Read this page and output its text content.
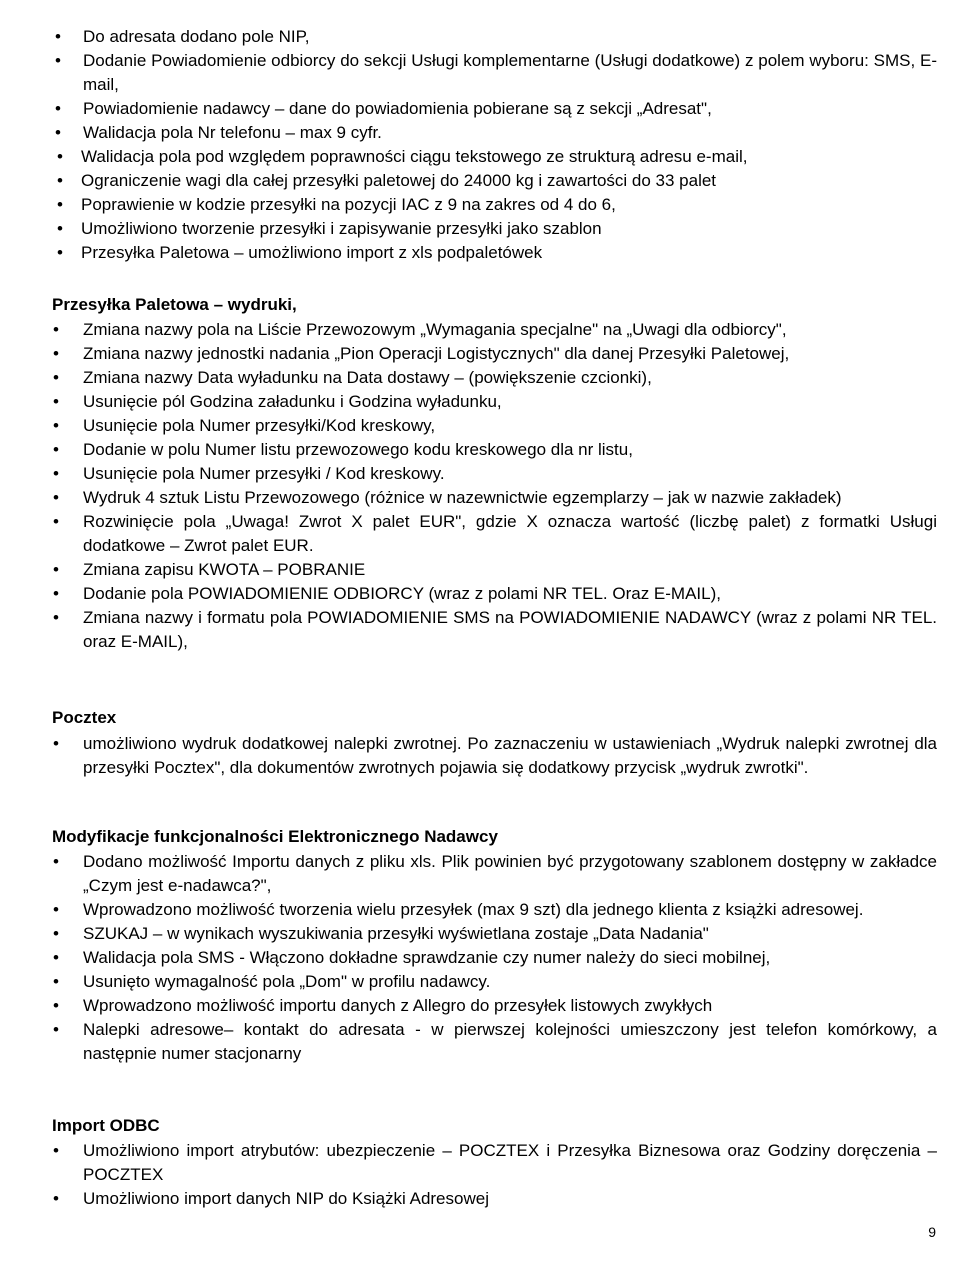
• Do adresata dodano pole NIP,
• Dodanie Powiadomienie odbiorcy do sekcji Usługi komplementarne (Usługi dodatkowe) z polem wyboru: SMS, E-mail,
• Powiadomienie nadawcy – dane do powiadomienia pobierane są z sekcji „Adresat",
• Walidacja pola Nr telefonu – max 9 cyfr.
• Walidacja pola pod względem poprawności ciągu tekstowego ze strukturą adresu e-mail,
• Ograniczenie wagi dla całej przesyłki paletowej do 24000 kg i zawartości do 33 palet
• Poprawienie w kodzie przesyłki na pozycji IAC z 9 na zakres od 4 do 6,
• Umożliwiono tworzenie przesyłki i zapisywanie przesyłki jako szablon
• Przesyłka Paletowa – umożliwiono import z xls podpaletówek
Przesyłka Paletowa – wydruki,
• Zmiana nazwy pola na Liście Przewozowym „Wymagania specjalne" na „Uwagi dla odbiorcy",
• Zmiana nazwy jednostki nadania „Pion Operacji Logistycznych" dla danej Przesyłki Paletowej,
• Zmiana nazwy Data wyładunku na Data dostawy – (powiększenie czcionki),
• Usunięcie pól Godzina załadunku i Godzina wyładunku,
• Usunięcie pola Numer przesyłki/Kod kreskowy,
• Dodanie w polu Numer listu przewozowego kodu kreskowego dla nr listu,
• Usunięcie pola Numer przesyłki / Kod kreskowy.
• Wydruk 4 sztuk Listu Przewozowego (różnice w nazewnictwie egzemplarzy – jak w nazwie zakładek)
• Rozwinięcie pola „Uwaga! Zwrot X palet EUR", gdzie X oznacza wartość (liczbę palet) z formatki Usługi dodatkowe – Zwrot palet EUR.
• Zmiana zapisu KWOTA – POBRANIE
• Dodanie pola POWIADOMIENIE ODBIORCY (wraz z polami NR TEL. Oraz E-MAIL),
• Zmiana nazwy i formatu pola POWIADOMIENIE SMS na POWIADOMIENIE NADAWCY (wraz z polami NR TEL. oraz E-MAIL),
Pocztex
• umożliwiono wydruk dodatkowej nalepki zwrotnej. Po zaznaczeniu w ustawieniach „Wydruk nalepki zwrotnej dla przesyłki Pocztex", dla dokumentów zwrotnych pojawia się dodatkowy przycisk „wydruk zwrotki".
Modyfikacje funkcjonalności Elektronicznego Nadawcy
• Dodano możliwość Importu danych z pliku xls. Plik powinien być przygotowany szablonem dostępny w zakładce „Czym jest e-nadawca?",
• Wprowadzono możliwość tworzenia wielu przesyłek (max 9 szt) dla jednego klienta z książki adresowej.
• SZUKAJ – w wynikach wyszukiwania przesyłki wyświetlana zostaje „Data Nadania"
• Walidacja pola SMS - Włączono dokładne sprawdzanie czy numer należy do sieci mobilnej,
• Usunięto wymagalność pola „Dom" w profilu nadawcy.
• Wprowadzono możliwość importu danych z Allegro do przesyłek listowych zwykłych
• Nalepki adresowe– kontakt do adresata - w pierwszej kolejności umieszczony jest telefon komórkowy, a następnie numer stacjonarny
Import ODBC
• Umożliwiono import atrybutów: ubezpieczenie – POCZTEX i Przesyłka Biznesowa oraz Godziny doręczenia – POCZTEX
• Umożliwiono import danych NIP do Książki Adresowej
9
